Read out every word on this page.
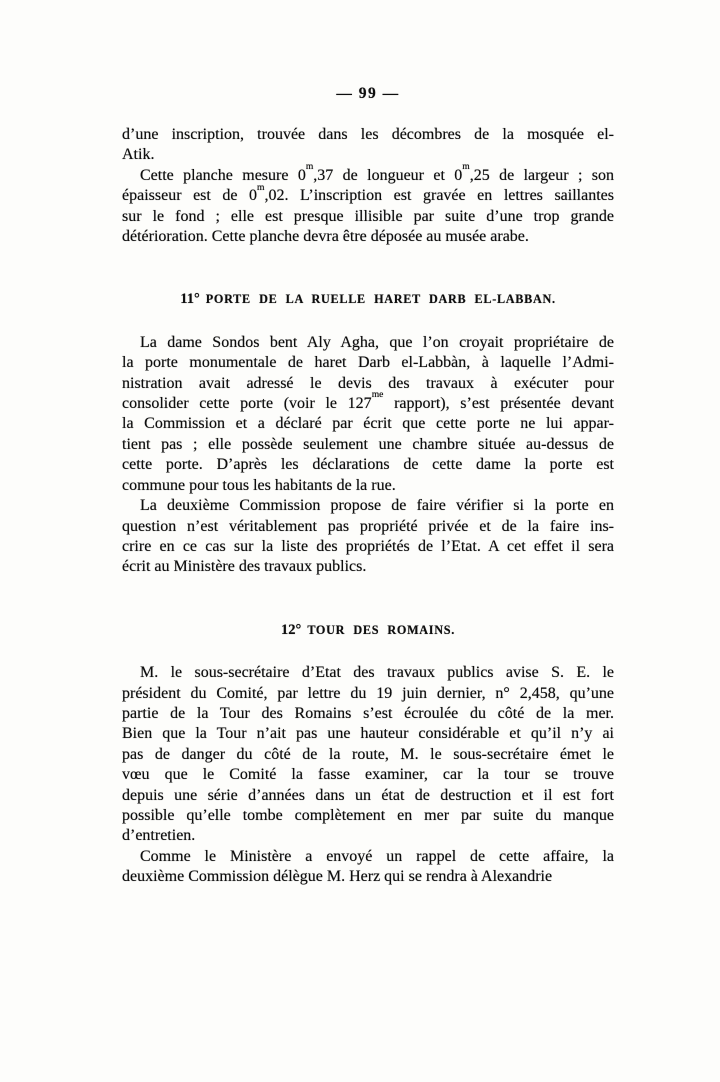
— 99 —
d’une inscription, trouvée dans les décombres de la mosquée el-
Atik.
Cette planche mesure 0$^m$,37 de longueur et 0$^m$,25 de largeur ; son
épaisseur est de 0$^m$,02. L’inscription est gravée en lettres saillantes
sur le fond ; elle est presque illisible par suite d’une trop grande
détérioration. Cette planche devra être déposée au musée arabe.
11° PORTE DE LA RUELLE HARET DARB EL-LABBAN.
La dame Sondos bent Aly Agha, que l’on croyait propriétaire de
la porte monumentale de haret Darb el-Labbàn, à laquelle l’Admi-
nistration avait adressé le devis des travaux à exécuter pour
consolider cette porte (voir le $127^{me}$ rapport), s’est présentée devant
la Commission et a déclaré par écrit que cette porte ne lui appar-
tient pas ; elle possède seulement une chambre située au-dessus de
cette porte. D’après les déclarations de cette dame la porte est
commune pour tous les habitants de la rue.
La deuxième Commission propose de faire vérifier si la porte en
question n’est véritablement pas propriété privée et de la faire ins-
crire en ce cas sur la liste des propriétés de l’Etat. A cet effet il sera
écrit au Ministère des travaux publics.
12° TOUR DES ROMAINS.
M. le sous-secrétaire d’Etat des travaux publics avise S. E. le
président du Comité, par lettre du 19 juin dernier, n° 2,458, qu’une
partie de la Tour des Romains s’est écroulée du côté de la mer.
Bien que la Tour n’ait pas une hauteur considérable et qu’il n’y ai
pas de danger du côté de la route, M. le sous-secrétaire émet le
vœu que le Comité la fasse examiner, car la tour se trouve
depuis une série d’années dans un état de destruction et il est fort
possible qu’elle tombe complètement en mer par suite du manque
d’entretien.
Comme le Ministère a envoyé un rappel de cette affaire, la
deuxième Commission délègue M. Herz qui se rendra à Alexandrie
